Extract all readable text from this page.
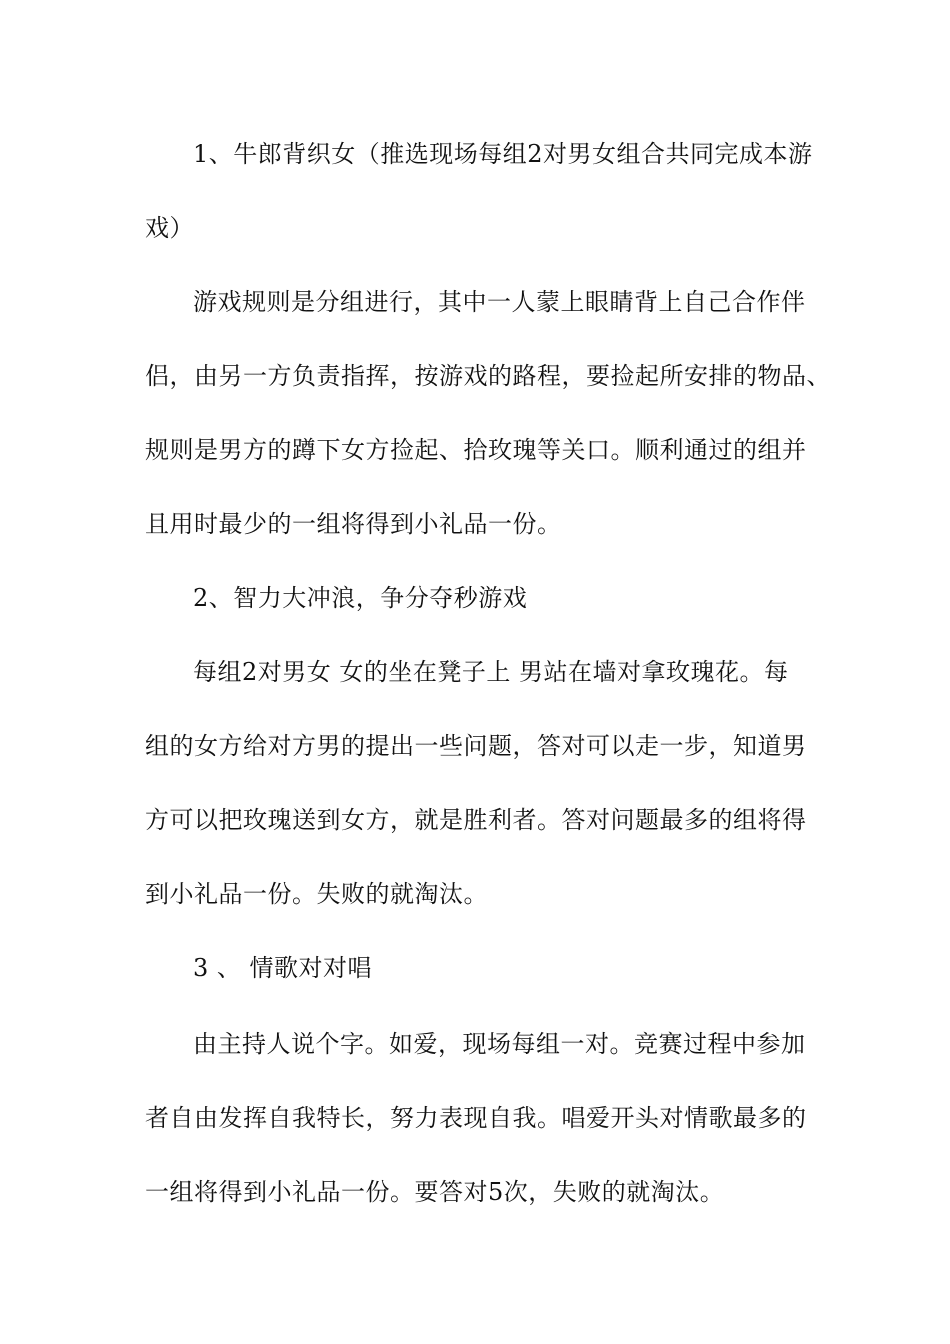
1、牛郎背织女（推选现场每组2对男女组合共同完成本游
戏）
游戏规则是分组进行，其中一人蒙上眼睛背上自己合作伴
侣，由另一方负责指挥，按游戏的路程，要捡起所安排的物品、
规则是男方的蹲下女方捡起、拾玫瑰等关口。顺利通过的组并
且用时最少的一组将得到小礼品一份。
2、智力大冲浪，争分夺秒游戏
每组2对男女 女的坐在凳子上 男站在墙对拿玫瑰花。每
组的女方给对方男的提出一些问题，答对可以走一步，知道男
方可以把玫瑰送到女方，就是胜利者。答对问题最多的组将得
到小礼品一份。失败的就淘汰。
3 、 情歌对对唱
由主持人说个字。如爱，现场每组一对。竞赛过程中参加
者自由发挥自我特长，努力表现自我。唱爱开头对情歌最多的
一组将得到小礼品一份。要答对5次，失败的就淘汰。
